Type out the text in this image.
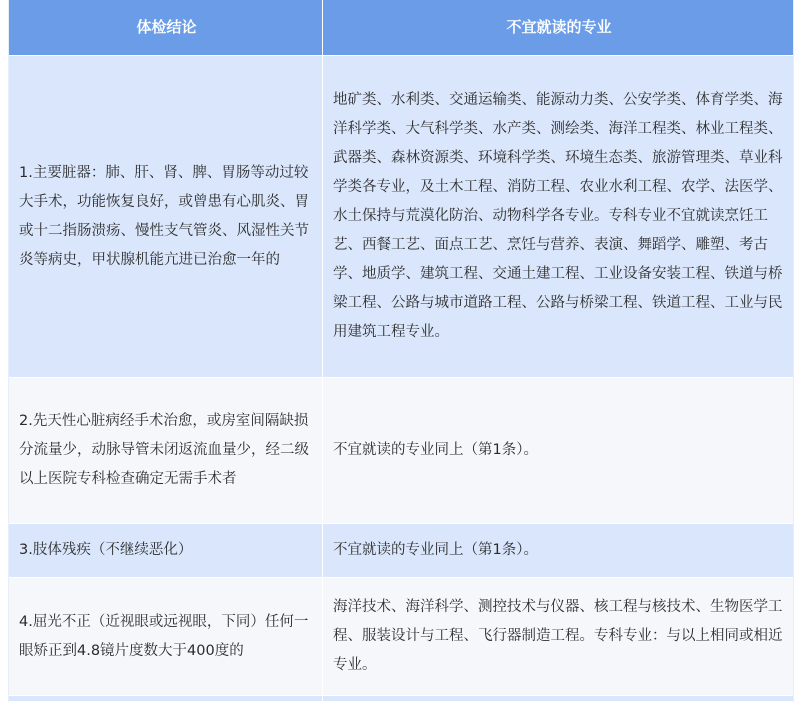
体检结论	不宜就读的专业
1.主要脏器：肺、肝、肾、脾、胃肠等动过较大手术，功能恢复良好，或曾患有心肌炎、胃或十二指肠溃疡、慢性支气管炎、风湿性关节炎等病史，甲状腺机能亢进已治愈一年的
地矿类、水利类、交通运输类、能源动力类、公安学类、体育学类、海洋科学类、大气科学类、水产类、测绘类、海洋工程类、林业工程类、武器类、森林资源类、环境科学类、环境生态类、旅游管理类、草业科学类各专业，及土木工程、消防工程、农业水利工程、农学、法医学、水土保持与荒漠化防治、动物科学各专业。专科专业不宜就读烹饪工艺、西餐工艺、面点工艺、烹饪与营养、表演、舞蹈学、雕塑、考古学、地质学、建筑工程、交通土建工程、工业设备安装工程、铁道与桥梁工程、公路与城市道路工程、公路与桥梁工程、铁道工程、工业与民用建筑工程专业。
2.先天性心脏病经手术治愈，或房室间隔缺损分流量少，动脉导管未闭返流血量少，经二级以上医院专科检查确定无需手术者
不宜就读的专业同上（第1条）。
3.肢体残疾（不继续恶化）	不宜就读的专业同上（第1条）。
4.屈光不正（近视眼或远视眼，下同）任何一眼矫正到4.8镜片度数大于400度的
海洋技术、海洋科学、测控技术与仪器、核工程与核技术、生物医学工程、服装设计与工程、飞行器制造工程。专科专业：与以上相同或相近专业。
